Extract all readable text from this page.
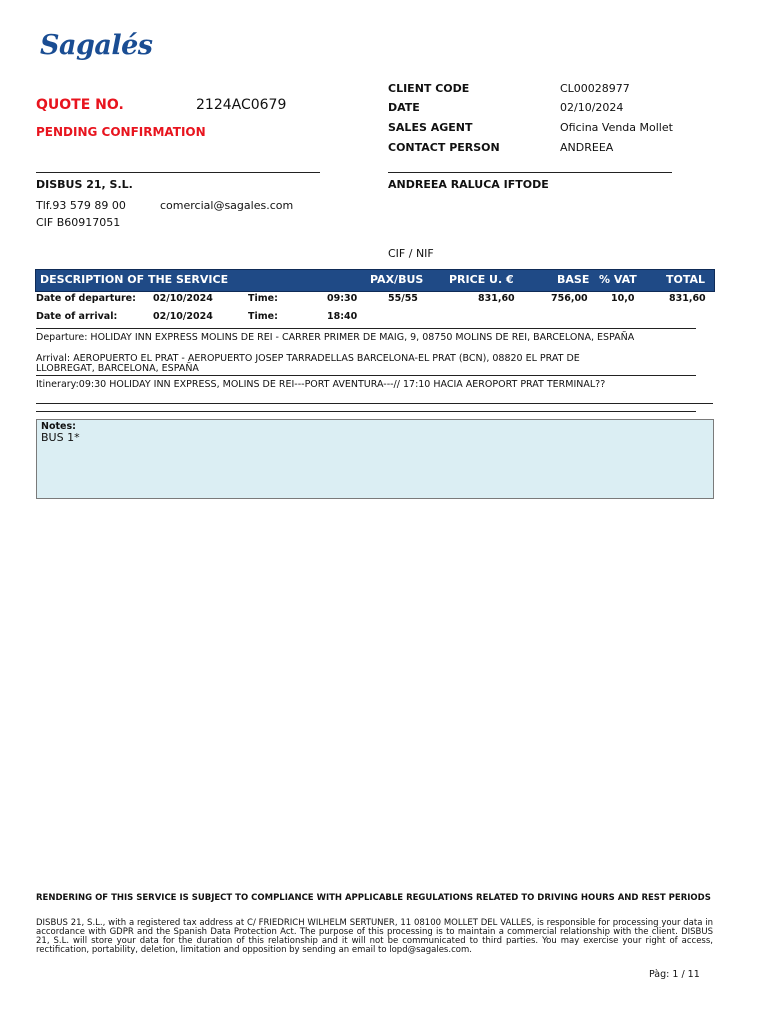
Sagalés
QUOTE NO.	2124AC0679
PENDING CONFIRMATION
CLIENT CODE	CL00028977
DATE	02/10/2024
SALES AGENT	Oficina Venda Mollet
CONTACT PERSON	ANDREEA
DISBUS 21, S.L.
Tlf.93 579 89 00	comercial@sagales.com
CIF B60917051
ANDREEA RALUCA IFTODE
CIF / NIF
DESCRIPTION OF THE SERVICE	PAX/BUS PRICE U. €	BASE % VAT	TOTAL
Date of departure: 02/10/2024	Time:	09:30	55/55	831,60	756,00 10,0	831,60
Date of arrival:	02/10/2024	Time:	18:40
Departure: HOLIDAY INN EXPRESS MOLINS DE REI - CARRER PRIMER DE MAIG, 9, 08750 MOLINS DE REI, BARCELONA, ESPAÑA
Arrival: AEROPUERTO EL PRAT - AEROPUERTO JOSEP TARRADELLAS BARCELONA-EL PRAT (BCN), 08820 EL PRAT DE LLOBREGAT, BARCELONA, ESPAÑA
Itinerary:09:30 HOLIDAY INN EXPRESS, MOLINS DE REI---PORT AVENTURA---// 17:10 HACIA AEROPORT PRAT TERMINAL??
Notes:
BUS 1*
RENDERING OF THIS SERVICE IS SUBJECT TO COMPLIANCE WITH APPLICABLE REGULATIONS RELATED TO DRIVING HOURS AND REST PERIODS
DISBUS 21, S.L., with a registered tax address at C/ FRIEDRICH WILHELM SERTUNER, 11 08100 MOLLET DEL VALLES, is responsible for processing your data in accordance with GDPR and the Spanish Data Protection Act. The purpose of this processing is to maintain a commercial relationship with the client. DISBUS 21, S.L. will store your data for the duration of this relationship and it will not be communicated to third parties. You may exercise your right of access, rectification, portability, deletion, limitation and opposition by sending an email to lopd@sagales.com.
Pàg: 1 / 11
